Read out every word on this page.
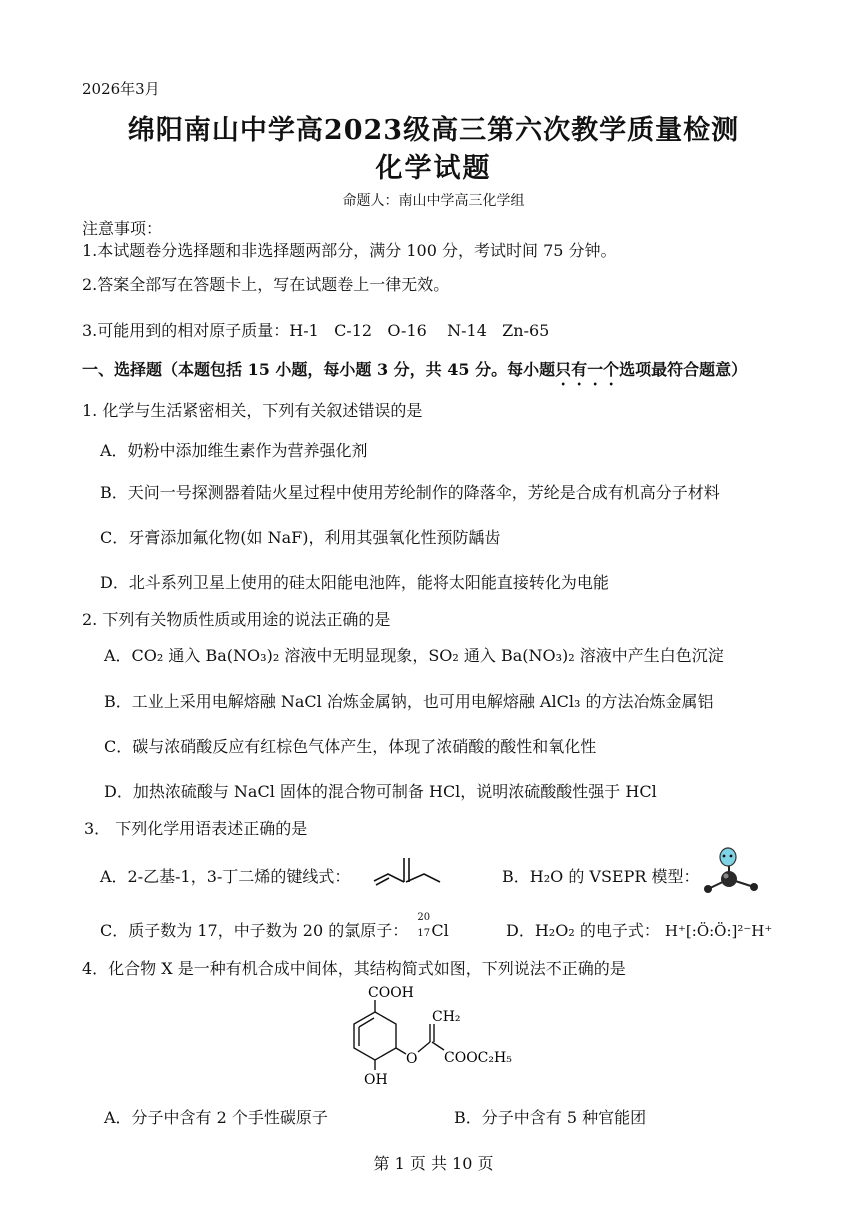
2026年3月
绵阳南山中学高2023级高三第六次教学质量检测
化学试题
命题人：南山中学高三化学组
注意事项：
1.本试题卷分选择题和非选择题两部分，满分 100 分，考试时间 75 分钟。
2.答案全部写在答题卡上，写在试题卷上一律无效。
3.可能用到的相对原子质量：H-1   C-12   O-16    N-14   Zn-65
一、选择题（本题包括 15 小题，每小题 3 分，共 45 分。每小题只有一个选项最符合题意）
1. 化学与生活紧密相关，下列有关叙述错误的是
A．奶粉中添加维生素作为营养强化剂
B．天问一号探测器着陆火星过程中使用芳纶制作的降落伞，芳纶是合成有机高分子材料
C．牙膏添加氟化物(如 NaF)，利用其强氧化性预防龋齿
D．北斗系列卫星上使用的硅太阳能电池阵，能将太阳能直接转化为电能
2. 下列有关物质性质或用途的说法正确的是
A．CO₂ 通入 Ba(NO₃)₂ 溶液中无明显现象，SO₂ 通入 Ba(NO₃)₂ 溶液中产生白色沉淀
B．工业上采用电解熔融 NaCl 冶炼金属钠，也可用电解熔融 AlCl₃ 的方法冶炼金属铝
C．碳与浓硝酸反应有红棕色气体产生，体现了浓硝酸的酸性和氧化性
D．加热浓硫酸与 NaCl 固体的混合物可制备 HCl，说明浓硫酸酸性强于 HCl
3． 下列化学用语表述正确的是
A．2-乙基-1，3-丁二烯的键线式：	B．H₂O 的 VSEPR 模型：
C．质子数为 17，中子数为 20 的氯原子：
20
17 Cl	D．H₂O₂ 的电子式： H⁺[:Ö:Ö:]²⁻H⁺
4．化合物 X 是一种有机合成中间体，其结构简式如图，下列说法不正确的是
COOH
OH
O
CH₂
COOC₂H₅
A．分子中含有 2 个手性碳原子	B．分子中含有 5 种官能团
第 1 页 共 10 页
